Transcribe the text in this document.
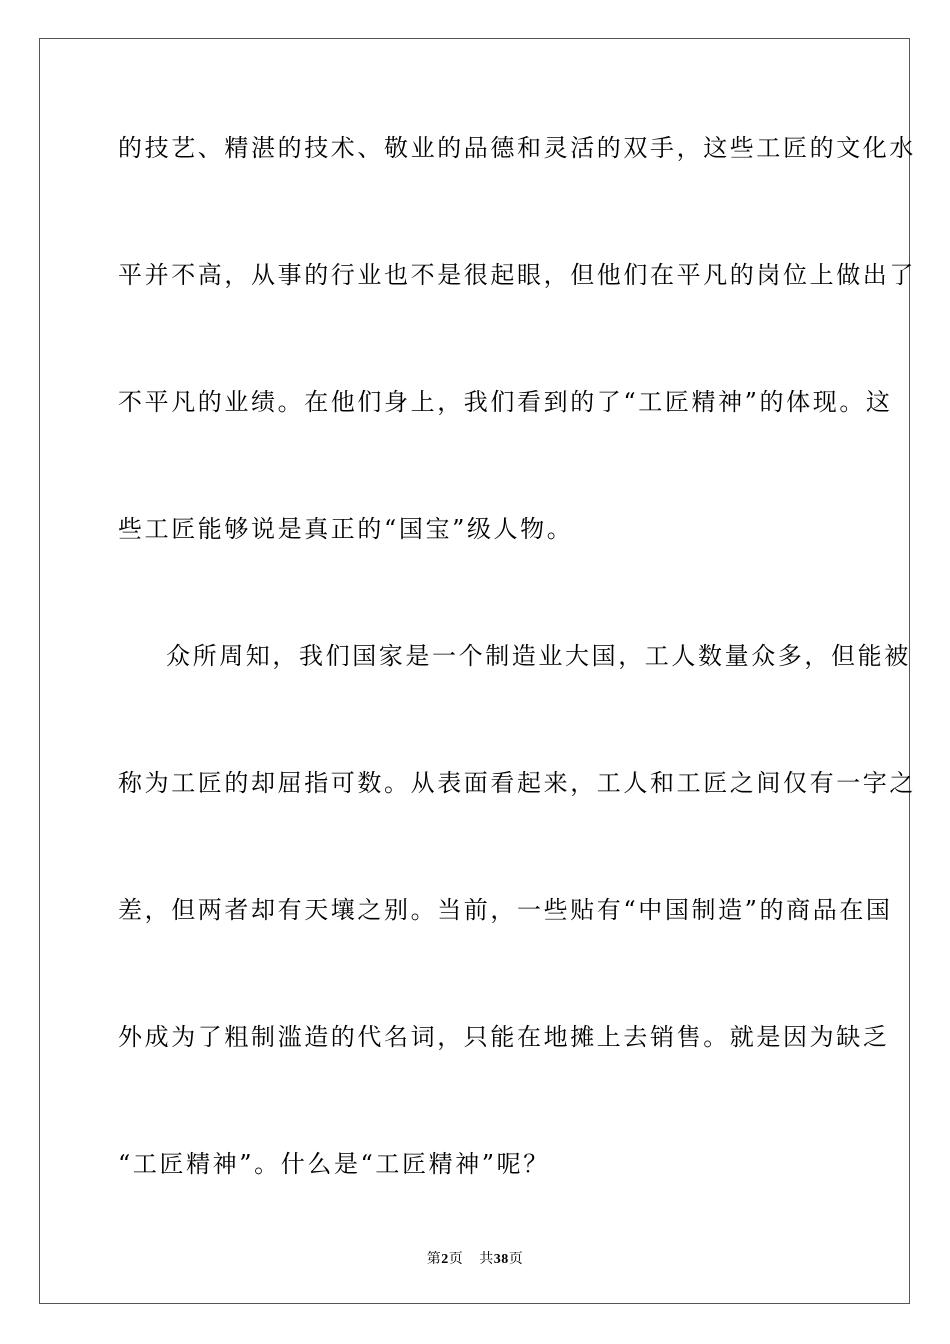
的技艺、精湛的技术、敬业的品德和灵活的双手，这些工匠的文化水
平并不高，从事的行业也不是很起眼，但他们在平凡的岗位上做出了
不平凡的业绩。在他们身上，我们看到的了“工匠精神”的体现。这
些工匠能够说是真正的“国宝”级人物。
众所周知，我们国家是一个制造业大国，工人数量众多，但能被
称为工匠的却屈指可数。从表面看起来，工人和工匠之间仅有一字之
差，但两者却有天壤之别。当前，一些贴有“中国制造”的商品在国
外成为了粗制滥造的代名词，只能在地摊上去销售。就是因为缺乏
“工匠精神”。什么是“工匠精神”呢？
第2页 共38页
